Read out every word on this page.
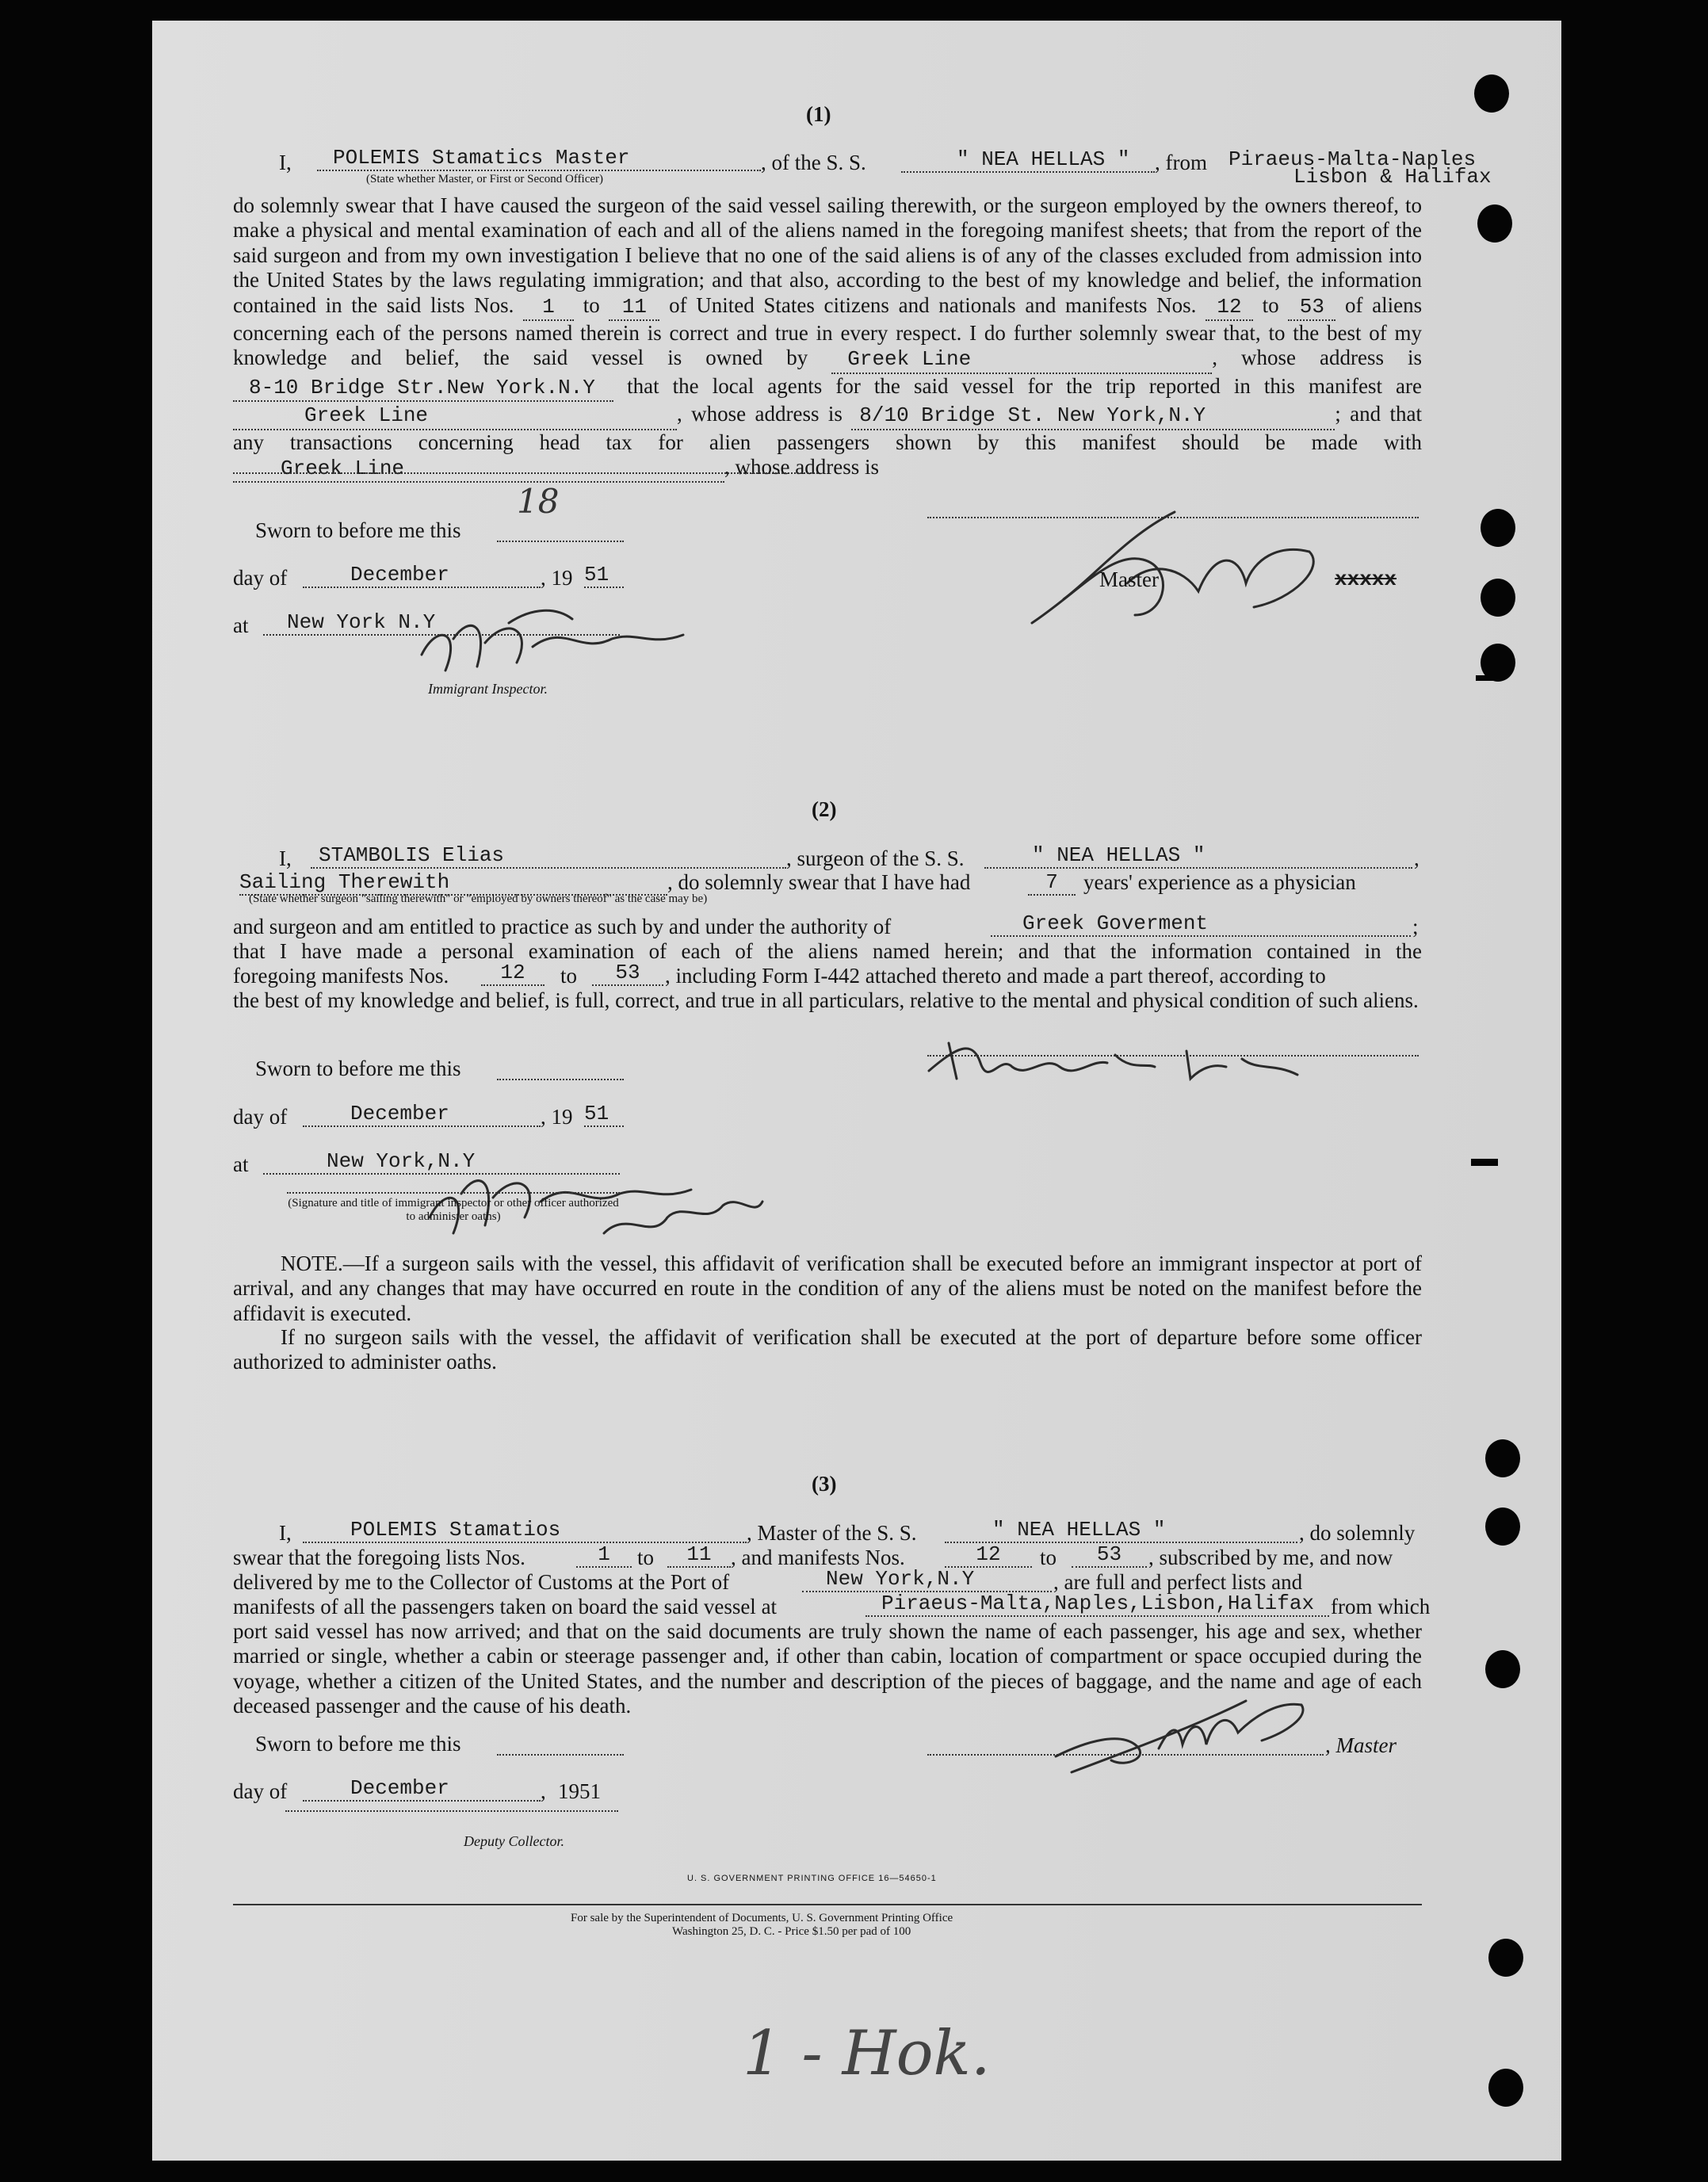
(1)
I,	POLEMIS Stamatics Master	, of the S. S.	" NEA HELLAS "	, from Piraeus-Malta-Naples
Lisbon & Halifax
(State whether Master, or First or Second Officer)
do solemnly swear that I have caused the surgeon of the said vessel sailing therewith, or the surgeon employed by the owners thereof, to make a physical and mental examination of each and all of the aliens named in the foregoing manifest sheets; that from the report of the said surgeon and from my own investigation I believe that no one of the said aliens is of any of the classes excluded from admission into the United States by the laws regulating immigration; and that also, according to the best of my knowledge and belief, the information contained in the said lists Nos. 1 to 11 of United States citizens and nationals and manifests Nos. 12 to 53 of aliens concerning each of the persons named therein is correct and true in every respect. I do further solemnly swear that, to the best of my knowledge and belief, the said vessel is owned by Greek Line	, whose address is 8-10 Bridge Str.New York.N.Y that the local agents for the said vessel for the trip reported in this manifest are Greek Line	, whose address is 8/10 Bridge St. New York,N.Y	; and that any transactions concerning head tax for alien passengers shown by this manifest should be made with Greek Line	, whose address is
Sworn to before me this
18
day of	December	, 19 51
at	New York N.Y
Immigrant Inspector.
Master	xxxxx
(2)
I,	STAMBOLIS Elias	, surgeon of the S. S.	" NEA HELLAS "	,
Sailing Therewith	, do solemnly swear that I have had	7	years' experience as a physician
(State whether surgeon "sailing therewith" or "employed by owners thereof" as the case may be)
and surgeon and am entitled to practice as such by and under the authority of	Greek Goverment	;
that I have made a personal examination of each of the aliens named herein; and that the information contained in the
foregoing manifests Nos.	12	to	53	, including Form I-442 attached thereto and made a part thereof, according to
the best of my knowledge and belief, is full, correct, and true in all particulars, relative to the mental and physical condition of such aliens.
Sworn to before me this
day of	December	, 19 51
at	New York,N.Y
(Signature and title of immigrant inspector or other officer authorized to administer oaths)
NOTE.—If a surgeon sails with the vessel, this affidavit of verification shall be executed before an immigrant inspector at port of arrival, and any changes that may have occurred en route in the condition of any of the aliens must be noted on the manifest before the affidavit is executed.
If no surgeon sails with the vessel, the affidavit of verification shall be executed at the port of departure before some officer authorized to administer oaths.
(3)
I,	POLEMIS Stamatios	, Master of the S. S.	" NEA HELLAS "	, do solemnly
swear that the foregoing lists Nos.	1	to	11 , and manifests Nos.	12	to	53	, subscribed by me, and now
delivered by me to the Collector of Customs at the Port of	New York,N.Y	, are full and perfect lists and
manifests of all the passengers taken on board the said vessel at	Piraeus-Malta,Naples,Lisbon,Halifax from which
port said vessel has now arrived; and that on the said documents are truly shown the name of each passenger, his age and sex, whether married or single, whether a cabin or steerage passenger and, if other than cabin, location of compartment or space occupied during the voyage, whether a citizen of the United States, and the number and description of the pieces of baggage, and the name and age of each deceased passenger and the cause of his death.
Sworn to before me this	, Master
day of	December	, 1951
Deputy Collector.
U. S. GOVERNMENT PRINTING OFFICE 16—54650-1
For sale by the Superintendent of Documents, U. S. Government Printing Office
Washington 25, D. C. - Price $1.50 per pad of 100
1 - Hok.
